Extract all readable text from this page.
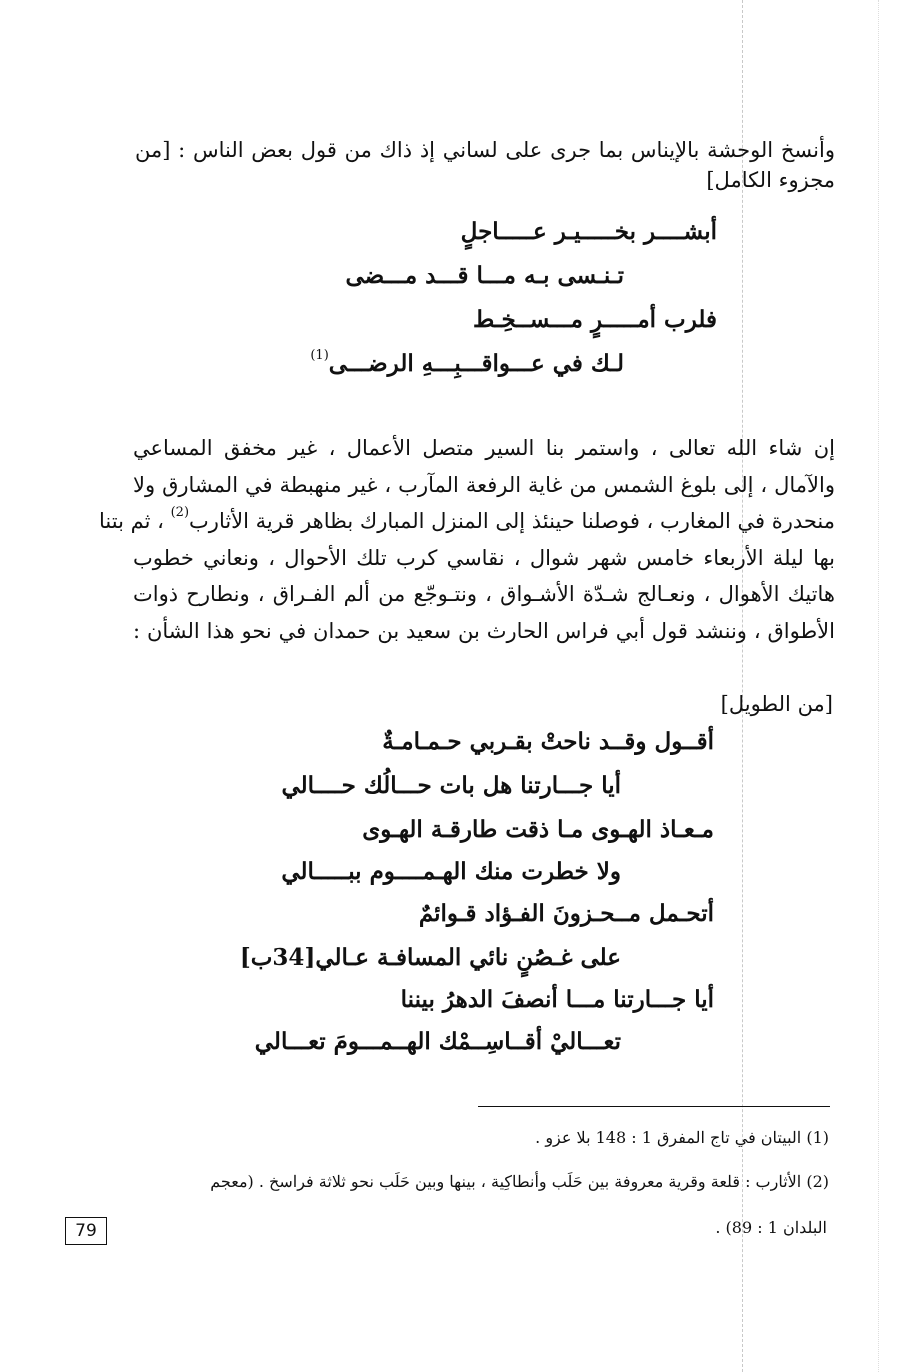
وأنسخ الوحشة بالإيناس بما جرى على لساني إذ ذاك من قول بعض الناس : [من
مجزوء الكامل]
أبشــــر بخـــــيـر عـــــاجلٍ
تـنـسى بـه مـــا قـــد مـــضى
فلرب أمـــــرٍ مـــســخِـط
لـك في عـــواقـــبِـــهِ الرضـــى$^{(1)}$
إن شاء الله تعالى ، واستمر بنا السير متصل الأعمال ، غير مخفق المساعي
والآمال ، إلى بلوغ الشمس من غاية الرفعة المآرب ، غير منهبطة في المشارق ولا
منحدرة في المغارب ، فوصلنا حينئذ إلى المنزل المبارك بظاهر قرية الأثارب$^{(2)}$ ، ثم بتنا
بها ليلة الأربعاء خامس شهر شوال ، نقاسي كرب تلك الأحوال ، ونعاني خطوب
هاتيك الأهوال ، ونعـالج شـدّة الأشـواق ، ونتـوجّع من ألم الفـراق ، ونطارح ذوات
الأطواق ، وننشد قول أبي فراس الحارث بن سعيد بن حمدان في نحو هذا الشأن :
[من الطويل]
أقــول وقــد ناحتْ بقـربي حـمـامـةٌ
أيا جـــارتنا هل بات حـــالُك حــــالي
مـعـاذ الهـوى مـا ذقت طارقـة الهـوى
ولا خطرت منك الهـمــــوم ببـــــالي
أتحـمل مــحـزونَ الفـؤاد قـوائمٌ
على غـصُنٍ نائي المسافـة عـالي[34ب]
أيا جـــارتنا مـــا أنصفَ الدهرُ بيننا
تعـــاليْ أقــاسِــمْك الهــمـــومَ تعـــالي
(1) البيتان في تاج المفرق 1 : 148 بلا عزو .
(2) الأثارب : قلعة وقرية معروفة بين حَلَب وأنطاكِية ، بينها وبين حَلَب نحو ثلاثة فراسخ . (معجم
البلدان 1 : 89) .
79
